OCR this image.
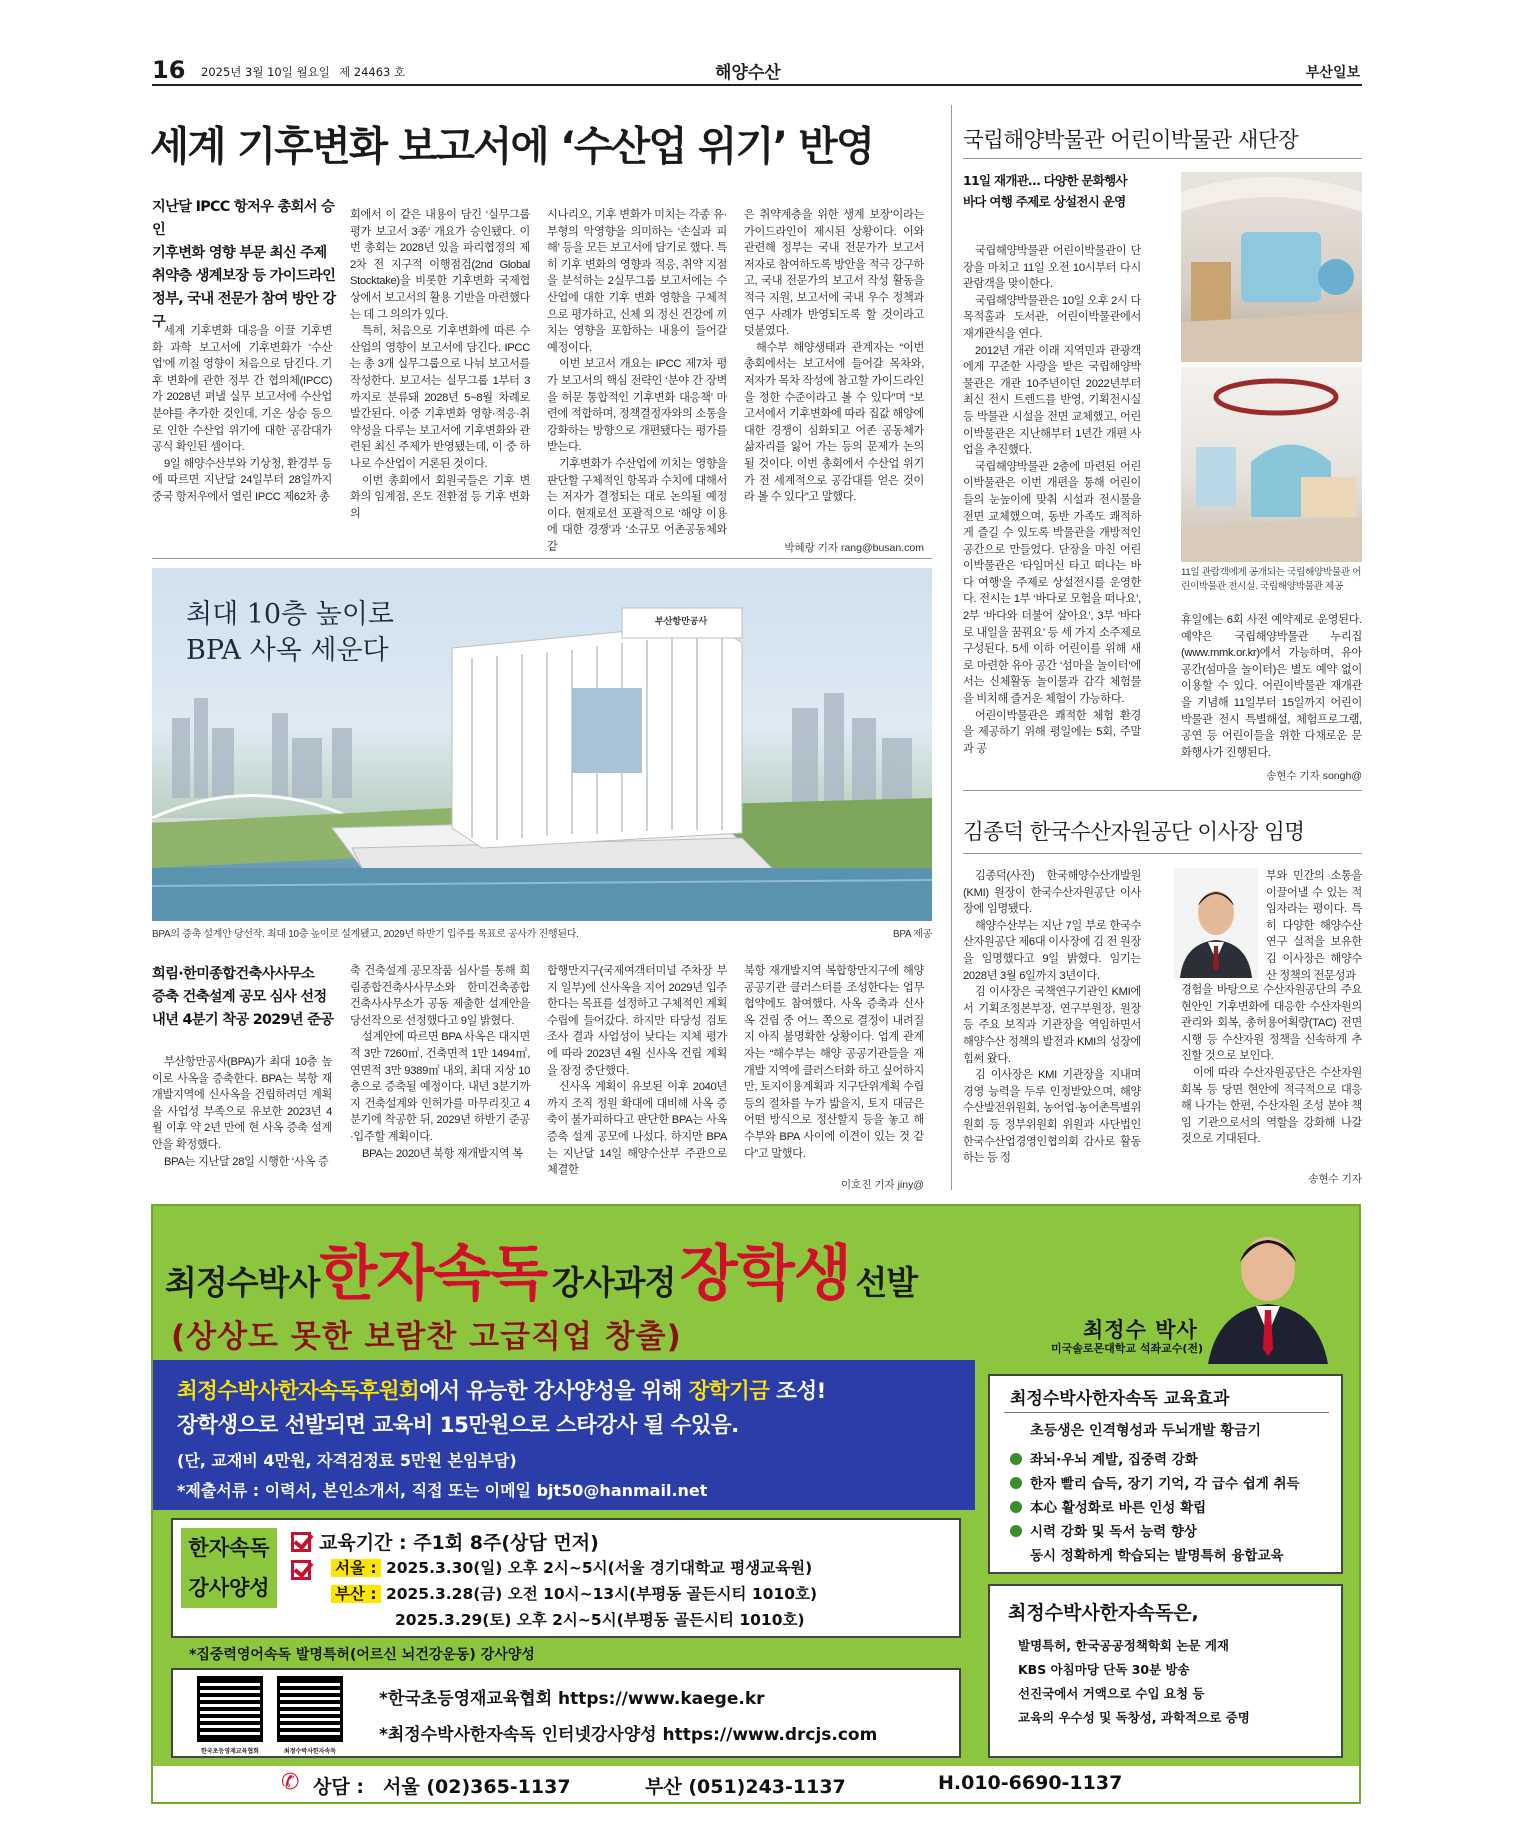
16 2025년 3월 10일 월요일 제 24463 호	해양수산	부산일보
세계 기후변화 보고서에 ‘수산업 위기’ 반영
지난달 IPCC 항저우 총회서 승인
기후변화 영향 부문 최신 주제
취약층 생계보장 등 가이드라인
정부, 국내 전문가 참여 방안 강구

세계 기후변화 대응을 이끌 기후변화 과학 보고서에 기후변화가 ‘수산업’에 끼칠 영향이 처음으로 담긴다. 기후 변화에 관한 정부 간 협의체(IPCC)가 2028년 펴낼 실무 보고서에 수산업 분야를 추가한 것인데, 기온 상승 등으로 인한 수산업 위기에 대한 공감대가 공식 확인된 셈이다.

9일 해양수산부와 기상청, 환경부 등에 따르면 지난달 24일부터 28일까지 중국 항저우에서 열린 IPCC 제62차 총

회에서 이 같은 내용이 담긴 ‘실무그룹 평가 보고서 3종’ 개요가 승인됐다. 이번 총회는 2028년 있을 파리협정의 제2차 전 지구적 이행점검(2nd Global Stocktake)을 비롯한 기후변화 국제협상에서 보고서의 활용 기반을 마련했다는 데 그 의의가 있다.

특히, 처음으로 기후변화에 따른 수산업의 영향이 보고서에 담긴다. IPCC는 총 3개 실무그룹으로 나눠 보고서를 작성한다. 보고서는 실무그룹 1부터 3까지로 분류돼 2028년 5~8월 차례로 발간된다. 이중 기후변화 영향·적응·취약성을 다루는 보고서에 기후변화와 관련된 최신 주제가 반영됐는데, 이 중 하나로 수산업이 거론된 것이다.

이번 총회에서 회원국들은 기후 변화의 임계점, 온도 전환점 등 기후 변화의

시나리오, 기후 변화가 미치는 각종 유·부형의 악영향을 의미하는 ‘손실과 피해’ 등을 모든 보고서에 담기로 했다. 특히 기후 변화의 영향과 적응, 취약 지점을 분석하는 2실무그룹 보고서에는 수산업에 대한 기후 변화 영향을 구체적으로 평가하고, 신체 외 정신 건강에 끼치는 영향을 포함하는 내용이 들어갈 예정이다.

이번 보고서 개요는 IPCC 제7차 평가 보고서의 핵심 전략인 ‘분야 간 장벽을 허문 통합적인 기후변화 대응책’ 마련에 적합하며, 정책결정자와의 소통을 강화하는 방향으로 개편됐다는 평가를 받는다.

기후변화가 수산업에 끼치는 영향을 판단할 구체적인 항목과 수치에 대해서는 저자가 결정되는 대로 논의될 예정이다. 현재로선 포괄적으로 ‘해양 이용에 대한 경쟁’과 ‘소규모 어촌공동체와 같

은 취약계층을 위한 생계 보장’이라는 가이드라인이 제시된 상황이다. 이와 관련해 정부는 국내 전문가가 보고서 저자로 참여하도록 방안을 적극 강구하고, 국내 전문가의 보고서 작성 활동을 적극 지원, 보고서에 국내 우수 정책과 연구 사례가 반영되도록 할 것이라고 덧붙였다.

해수부 해양생태과 관계자는 “이번 총회에서는 보고서에 들어갈 목차와, 저자가 목차 작성에 참고할 가이드라인을 정한 수준이라고 볼 수 있다”며 “보고서에서 기후변화에 따라 집값 해양에 대한 경쟁이 심화되고 어존 공동체가 삶자리를 잃어 가는 등의 문제가 논의될 것이다. 이번 총회에서 수산업 위기가 전 세계적으로 공감대를 얻은 것이라 볼 수 있다”고 말했다.

박혜랑 기자 rang@busan.com
최대 10층 높이로
BPA 사옥 세운다
부산항만공사
BPA의 증축 설계안 당선작. 최대 10층 높이로 설계됐고, 2029년 하반기 입주를 목표로 공사가 진행된다.	BPA 제공
희림·한미종합건축사사무소
증축 건축설계 공모 심사 선정
내년 4분기 착공 2029년 준공

부산항만공사(BPA)가 최대 10층 높이로 사옥을 증축한다. BPA는 북항 재개발지역에 신사옥을 건립하려던 계획을 사업성 부족으로 유보한 2023년 4월 이후 약 2년 만에 현 사옥 증축 설계안을 확정했다.

BPA는 지난달 28일 시행한 ‘사옥 증

축 건축설계 공모작품 심사’를 통해 희림종합건축사사무소와 한미건축종합건축사사무소가 공동 제출한 설계안을 당선작으로 선정했다고 9일 밝혔다.

설계안에 따르면 BPA 사옥은 대지면적 3만 7260㎡, 건축면적 1만 1494㎡, 연면적 3만 9389㎡ 내외, 최대 지상 10층으로 증축될 예정이다. 내년 3분기까지 건축설계와 인허가를 마무리짓고 4분기에 착공한 뒤, 2029년 하반기 준공·입주할 계획이다.

BPA는 2020년 북항 재개발지역 복

합행만지구(국제여객터미널 주차장 부지 일부)에 신사옥을 지어 2029년 입주한다는 목표를 설정하고 구체적인 계획 수립에 들어갔다. 하지만 타당성 검토 조사 결과 사업성이 낮다는 지체 평가에 따라 2023년 4월 신사옥 건립 계획을 잠정 중단했다.

신사옥 계획이 유보된 이후 2040년까지 조직 정원 확대에 대비해 사옥 증축이 불가피하다고 판단한 BPA는 사옥 증축 설계 공모에 나섰다. 하지만 BPA는 지난달 14일 해양수산부 주관으로 체결한

북항 재개발지역 복합항만지구에 해양 공공기관 클러스터를 조성한다는 업무 협약에도 참여했다. 사옥 증축과 신사옥 건립 중 어느 쪽으로 결정이 내려질지 아직 불명확한 상황이다. 업계 관계자는 “해수부는 해양 공공기관들을 재개발 지역에 클러스터화 하고 싶어하지만, 토지이용계획과 지구단위계획 수립 등의 절차를 누가 밟을지, 토지 대금은 어떤 방식으로 정산할지 등을 놓고 해수부와 BPA 사이에 이견이 있는 것 같다”고 말했다.

이호진 기자 jiny@
국립해양박물관 어린이박물관 새단장
11일 재개관… 다양한 문화행사
바다 여행 주제로 상설전시 운영

국립해양박물관 어린이박물관이 단장을 마치고 11일 오전 10시부터 다시 관람객을 맞이한다.

국립해양박물관은 10일 오후 2시 다목적홀과 도서관, 어린이박물관에서 재개관식을 연다.

2012년 개관 이래 지역민과 관광객에게 꾸준한 사랑을 받은 국립해양박물관은 개관 10주년이던 2022년부터 최신 전시 트렌드를 반영, 기획전시실 등 박물관 시설을 전면 교체했고, 어린이박물관은 지난해부터 1년간 개편 사업을 추진했다.

국립해양박물관 2층에 마련된 어린이박물관은 이번 개편을 통해 어린이들의 눈높이에 맞춰 시설과 전시물을 전면 교체했으며, 동반 가족도 쾌적하게 즐길 수 있도록 박물관을 개방적인 공간으로 만들었다. 단장을 마친 어린이박물관은 ‘타임머신 타고 떠나는 바다 여행’을 주제로 상설전시를 운영한다. 전시는 1부 ‘바다로 모험을 떠나요’, 2부 ‘바다와 더불어 살아요’, 3부 ‘바다로 내일을 꿈꿔요’ 등 세 가지 소주제로 구성된다. 5세 이하 어린이를 위해 새로 마련한 유아 공간 ‘섬마을 놀이터’에서는 신체활동 놀이물과 감각 체험물을 비치해 즐거운 체험이 가능하다.

어린이박물관은 쾌적한 체험 환경을 제공하기 위해 평일에는 5회, 주말과 공

11일 관람객에게 공개되는 국립해양박물관 어린이박물관 전시실. 국립해양박물관 제공

휴일에는 6회 사전 예약제로 운영된다. 예약은 국립해양박물관 누리집(www.mmk.or.kr)에서 가능하며, 유아 공간(섬마을 놀이터)은 별도 예약 없이 이용할 수 있다. 어린이박물관 재개관을 기념해 11일부터 15일까지 어린이박물관 전시 특별해설, 체험프로그램, 공연 등 어린이들을 위한 다채로운 문화행사가 진행된다.

송현수 기자 songh@
김종덕 한국수산자원공단 이사장 임명

김종덕(사진) 한국해양수산개발원(KMI) 원장이 한국수산자원공단 이사장에 임명됐다.

해양수산부는 지난 7일 부로 한국수산자원공단 제6대 이사장에 김 전 원장을 임명했다고 9일 밝혔다. 임기는 2028년 3월 6일까지 3년이다.

김 이사장은 국책연구기관인 KMI에서 기획조정본부장, 연구부원장, 원장 등 주요 보직과 기관장을 역임하면서 해양수산 정책의 발전과 KMI의 성장에 힘써 왔다.

김 이사장은 KMI 기관장을 지내며 경영 능력을 두루 인정받았으며, 해양수산발전위원회, 농어업·농어촌특별위원회 등 정부위원회 위원과 사단법인 한국수산업경영인협의회 감사로 활동하는 등 정

부와 민간의 소통을 이끌어낼 수 있는 적임자라는 평이다. 특히 다양한 해양수산 연구 실적을 보유한 김 이사장은 해양수산 정책의 전문성과

경험을 바탕으로 수산자원공단의 주요 현안인 기후변화에 대응한 수산자원의 관리와 회복, 총허용어획량(TAC) 전면 시행 등 수산자원 정책을 신속하게 추진할 것으로 보인다.

이에 따라 수산자원공단은 수산자원 회복 등 당면 현안에 적극적으로 대응해 나가는 한편, 수산자원 조성 분야 책임 기관으로서의 역할을 강화해 나갈 것으로 기대된다.

송현수 기자
최정수박사한자속독 강사과정 장학생 선발
(상상도 못한 보람찬 고급직업 창출)	최정수 박사
미국솔로몬대학교 석좌교수(전)
최정수박사한자속독후원회에서 유능한 강사양성을 위해 장학기금 조성!
장학생으로 선발되면 교육비 15만원으로 스타강사 될 수있음.
(단, 교재비 4만원, 자격검정료 5만원 본임부담)
*제출서류 : 이력서, 본인소개서, 직접 또는 이메일 bjt50@hanmail.net
한자속독
강사양성
교육기간 : 주1회 8주(상담 먼저)
서울 : 2025.3.30(일) 오후 2시~5시(서울 경기대학교 평생교육원)
부산 : 2025.3.28(금) 오전 10시~13시(부평동 골든시티 1010호)
2025.3.29(토) 오후 2시~5시(부평동 골든시티 1010호)
*집중력영어속독 발명특허(어르신 뇌건강운동) 강사양성
한국초등영재교육협회	최정수박사한자속독
*한국초등영재교육협회 https://www.kaege.kr
*최정수박사한자속독 인터넷강사양성 https://www.drcjs.com
최정수박사한자속독 교육효과
초등생은 인격형성과 두뇌개발 황금기
좌뇌·우뇌 계발, 집중력 강화
한자 빨리 습득, 장기 기억, 각 급수 쉽게 취득
本心 활성화로 바른 인성 확립
시력 강화 및 독서 능력 향상
동시 정확하게 학습되는 발명특허 융합교육
최정수박사한자속독은,
발명특허, 한국공공정책학회 논문 게재
KBS 아침마당 단독 30분 방송
선진국에서 거액으로 수입 요청 등
교육의 우수성 및 독창성, 과학적으로 증명
✆ 상담 : 서울 (02)365-1137	부산 (051)243-1137	H.010-6690-1137
